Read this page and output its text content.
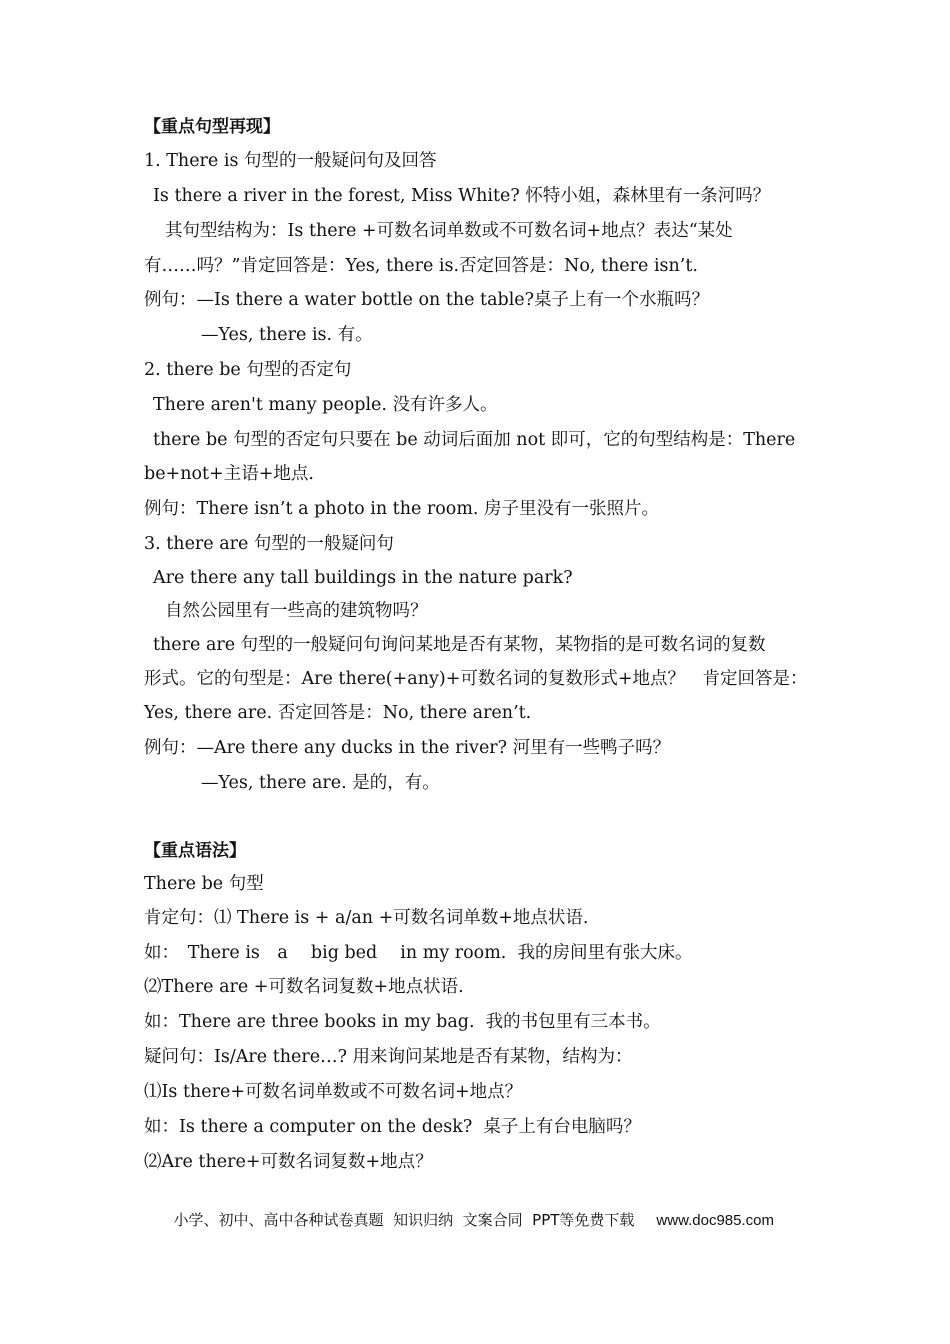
【重点句型再现】
1. There is 句型的一般疑问句及回答
Is there a river in the forest, Miss White? 怀特小姐，森林里有一条河吗？
其句型结构为：Is there +可数名词单数或不可数名词+地点？表达“某处
有……吗？”肯定回答是：Yes, there is.否定回答是：No, there isn’t.
例句：—Is there a water bottle on the table?桌子上有一个水瓶吗？
—Yes, there is. 有。
2. there be 句型的否定句
There aren't many people. 没有许多人。
there be 句型的否定句只要在 be 动词后面加 not 即可，它的句型结构是：There
be+not+主语+地点.
例句：There isn’t a photo in the room. 房子里没有一张照片。
3. there are 句型的一般疑问句
Are there any tall buildings in the nature park?
自然公园里有一些高的建筑物吗？
there are 句型的一般疑问句询问某地是否有某物，某物指的是可数名词的复数
形式。它的句型是：Are there(+any)+可数名词的复数形式+地点？　肯定回答是：
Yes, there are. 否定回答是：No, there aren’t.
例句：—Are there any ducks in the river? 河里有一些鸭子吗？
—Yes, there are. 是的，有。
【重点语法】
There be 句型
肯定句：⑴ There is + a/an +可数名词单数+地点状语.
如：　There is　a　 big bed　 in my room.  我的房间里有张大床。
⑵There are +可数名词复数+地点状语.
如：There are three books in my bag.  我的书包里有三本书。
疑问句：Is/Are there…? 用来询问某地是否有某物，结构为：
⑴Is there+可数名词单数或不可数名词+地点？
如：Is there a computer on the desk?  桌子上有台电脑吗？
⑵Are there+可数名词复数+地点？

小学、初中、高中各种试卷真题  知识归纳  文案合同  PPT等免费下载 www.doc985.com
